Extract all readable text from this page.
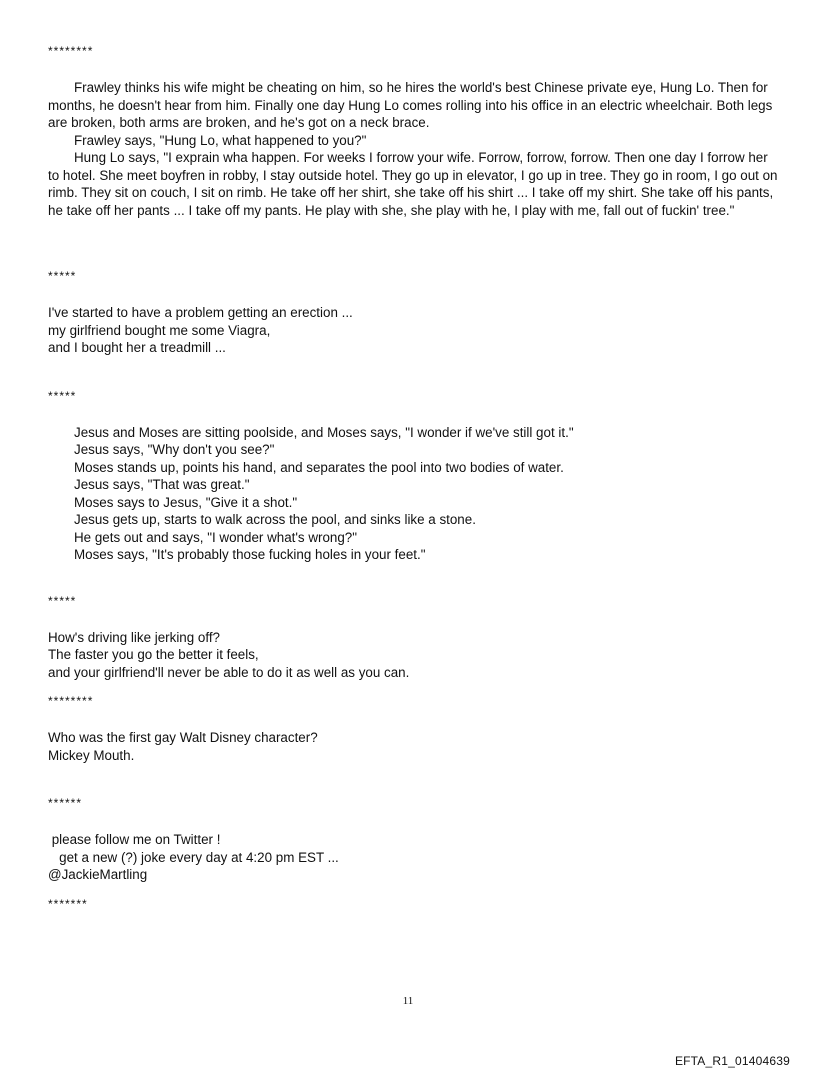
********

Frawley thinks his wife might be cheating on him, so he hires the world's best Chinese private eye, Hung Lo. Then for months, he doesn't hear from him. Finally one day Hung Lo comes rolling into his office in an electric wheelchair. Both legs are broken, both arms are broken, and he's got on a neck brace.

Frawley says, "Hung Lo, what happened to you?"

Hung Lo says, "I exprain wha happen. For weeks I forrow your wife. Forrow, forrow, forrow. Then one day I forrow her to hotel. She meet boyfren in robby, I stay outside hotel. They go up in elevator, I go up in tree. They go in room, I go out on rimb. They sit on couch, I sit on rimb. He take off her shirt, she take off his shirt ... I take off my shirt. She take off his pants, he take off her pants ... I take off my pants. He play with she, she play with he, I play with me, fall out of fuckin' tree."

*****

I've started to have a problem getting an erection ...

my girlfriend bought me some Viagra,

and I bought her a treadmill ...

*****

Jesus and Moses are sitting poolside, and Moses says, "I wonder if we've still got it."

Jesus says, "Why don't you see?"

Moses stands up, points his hand, and separates the pool into two bodies of water.

Jesus says, "That was great."

Moses says to Jesus, "Give it a shot."

Jesus gets up, starts to walk across the pool, and sinks like a stone.

He gets out and says, "I wonder what's wrong?"

Moses says, "It's probably those fucking holes in your feet."

*****

How's driving like jerking off?

The faster you go the better it feels,

and your girlfriend'll never be able to do it as well as you can.

********

Who was the first gay Walt Disney character?

Mickey Mouth.

******

please follow me on Twitter !

get a new (?) joke every day at 4:20 pm EST ...

@JackieMartling

*******
11
EFTA_R1_01404639
